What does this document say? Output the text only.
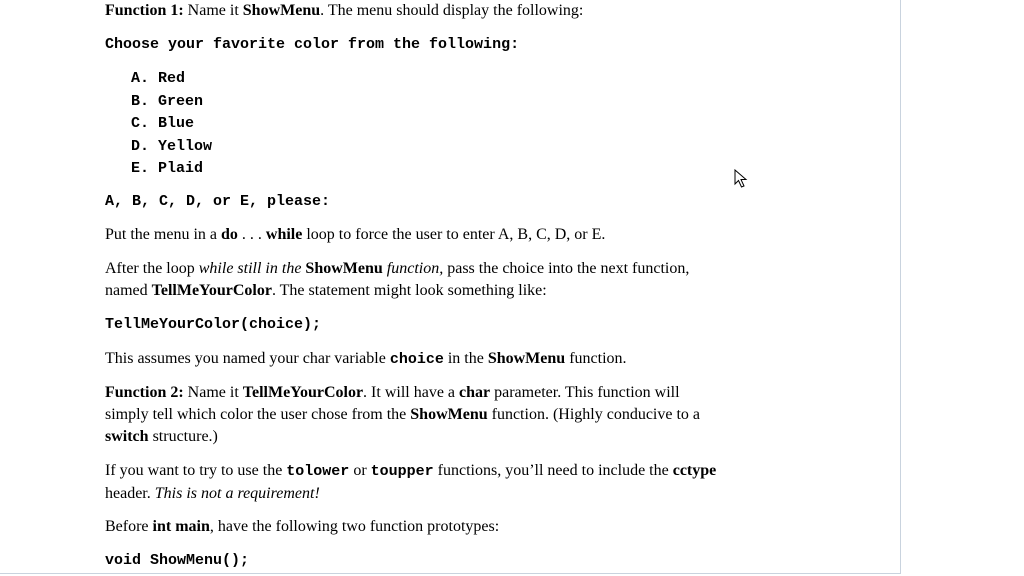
Function 1: Name it ShowMenu. The menu should display the following:

Choose your favorite color from the following:

A. Red
B. Green
C. Blue
D. Yellow
E. Plaid

A, B, C, D, or E, please:

Put the menu in a do . . . while loop to force the user to enter A, B, C, D, or E.

After the loop while still in the ShowMenu function, pass the choice into the next function,
named TellMeYourColor. The statement might look something like:

TellMeYourColor(choice);

This assumes you named your char variable choice in the ShowMenu function.

Function 2: Name it TellMeYourColor. It will have a char parameter. This function will
simply tell which color the user chose from the ShowMenu function. (Highly conducive to a
switch structure.)

If you want to try to use the tolower or toupper functions, you’ll need to include the cctype
header. This is not a requirement!

Before int main, have the following two function prototypes:

void ShowMenu();
